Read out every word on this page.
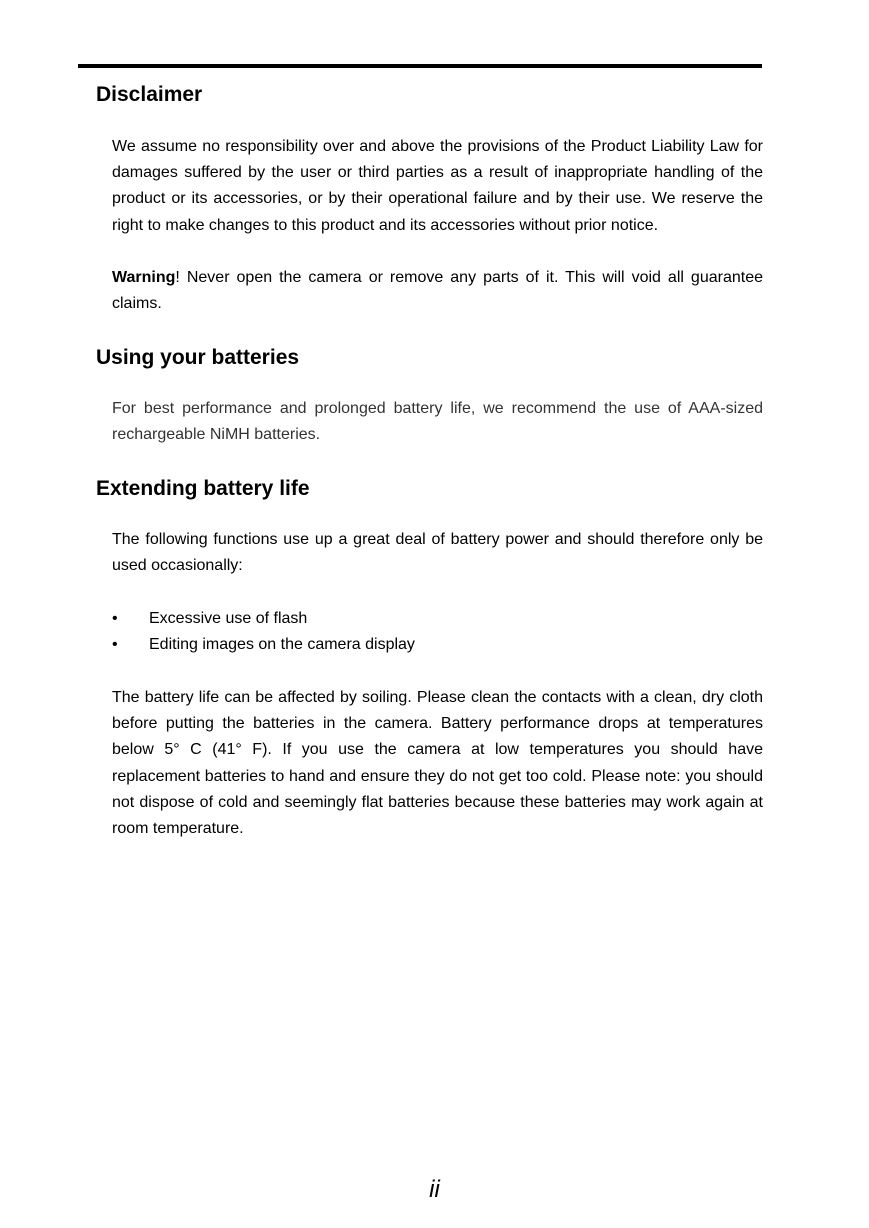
Disclaimer

We assume no responsibility over and above the provisions of the Product Liability Law for damages suffered by the user or third parties as a result of inappropriate handling of the product or its accessories, or by their operational failure and by their use. We reserve the right to make changes to this product and its accessories without prior notice.

Warning! Never open the camera or remove any parts of it. This will void all guarantee claims.

Using your batteries

For best performance and prolonged battery life, we recommend the use of AAA-sized rechargeable NiMH batteries.

Extending battery life

The following functions use up a great deal of battery power and should therefore only be used occasionally:

• Excessive use of flash
• Editing images on the camera display

The battery life can be affected by soiling. Please clean the contacts with a clean, dry cloth before putting the batteries in the camera. Battery performance drops at temperatures below 5° C (41° F). If you use the camera at low temperatures you should have replacement batteries to hand and ensure they do not get too cold. Please note: you should not dispose of cold and seemingly flat batteries because these batteries may work again at room temperature.

ii
